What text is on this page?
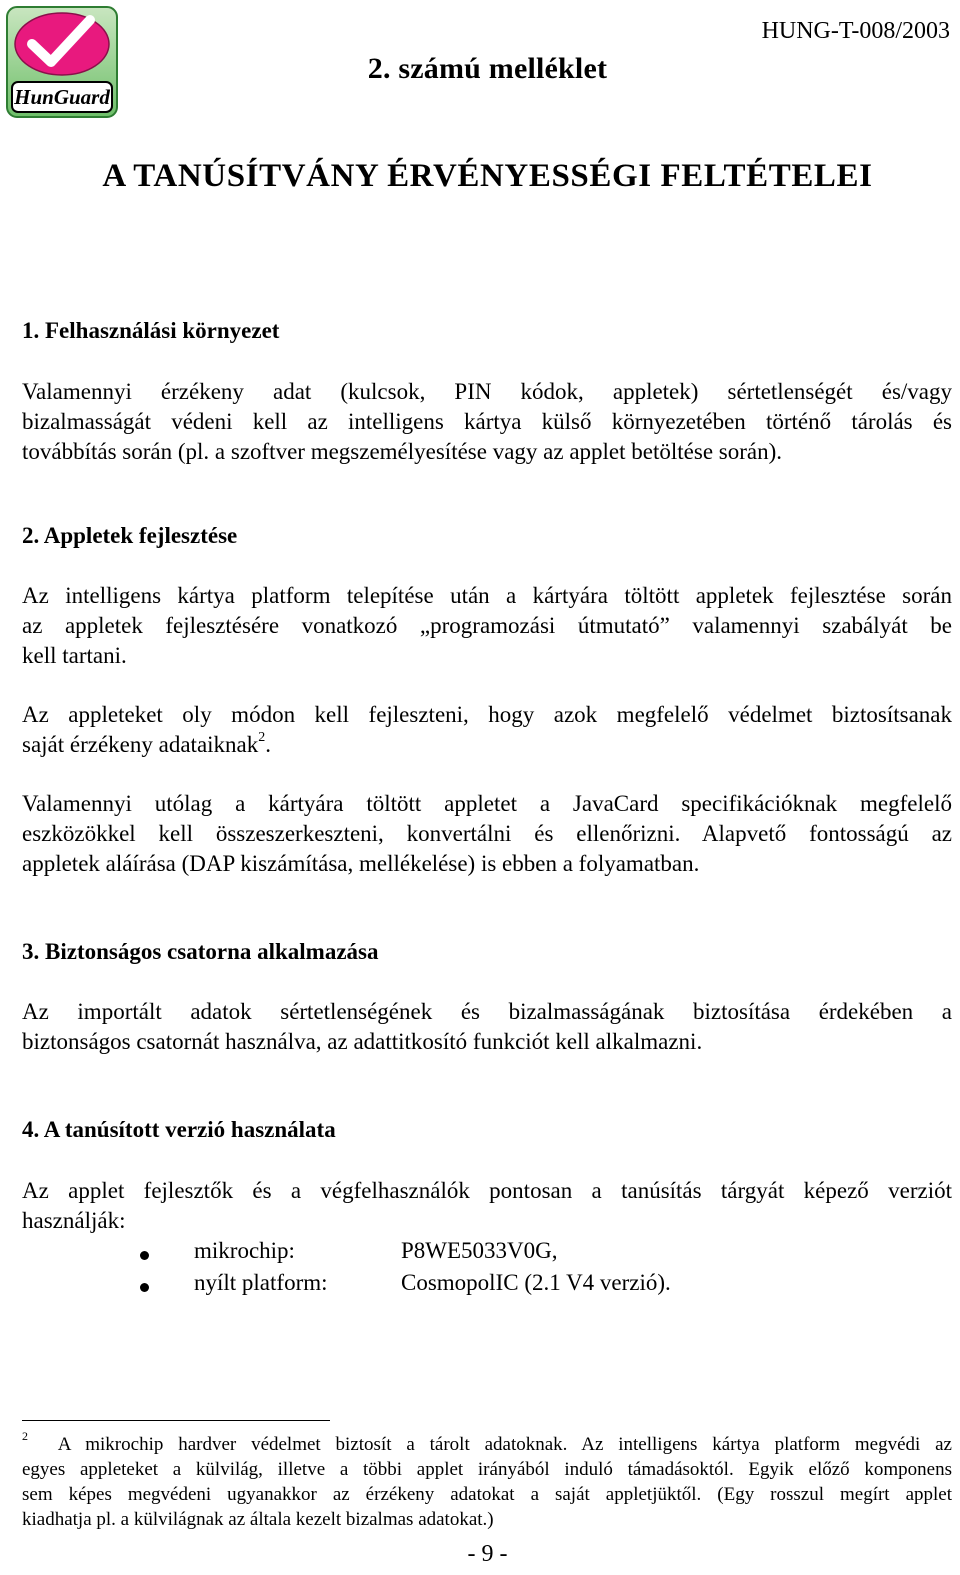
HunGuard
2. számú melléklet
HUNG-T-008/2003
A TANÚSÍTVÁNY ÉRVÉNYESSÉGI FELTÉTELEI
1. Felhasználási környezet
Valamennyi érzékeny adat (kulcsok, PIN kódok, appletek) sértetlenségét és/vagy
bizalmasságát védeni kell az intelligens kártya külső környezetében történő tárolás és
továbbítás során (pl. a szoftver megszemélyesítése vagy az applet betöltése során).
2. Appletek fejlesztése
Az intelligens kártya platform telepítése után a kártyára töltött appletek fejlesztése során
az appletek fejlesztésére vonatkozó „programozási útmutató” valamennyi szabályát be
kell tartani.
Az appleteket oly módon kell fejleszteni, hogy azok megfelelő védelmet biztosítsanak
saját érzékeny adataiknak$^2$.
Valamennyi utólag a kártyára töltött appletet a JavaCard specifikációknak megfelelő
eszközökkel kell összeszerkeszteni, konvertálni és ellenőrizni. Alapvető fontosságú az
appletek aláírása (DAP kiszámítása, mellékelése) is ebben a folyamatban.
3. Biztonságos csatorna alkalmazása
Az importált adatok sértetlenségének és bizalmasságának biztosítása érdekében a
biztonságos csatornát használva, az adattitkosító funkciót kell alkalmazni.
4. A tanúsított verzió használata
Az applet fejlesztők és a végfelhasználók pontosan a tanúsítás tárgyát képező verziót
használják:
mikrochip:	P8WE5033V0G,
nyílt platform:	CosmopolIC (2.1 V4 verzió).
$^2$ A mikrochip hardver védelmet biztosít a tárolt adatoknak. Az intelligens kártya platform megvédi az
egyes appleteket a külvilág, illetve a többi applet irányából induló támadásoktól. Egyik előző komponens
sem képes megvédeni ugyanakkor az érzékeny adatokat a saját appletjüktől. (Egy rosszul megírt applet
kiadhatja pl. a külvilágnak az általa kezelt bizalmas adatokat.)
- 9 -
